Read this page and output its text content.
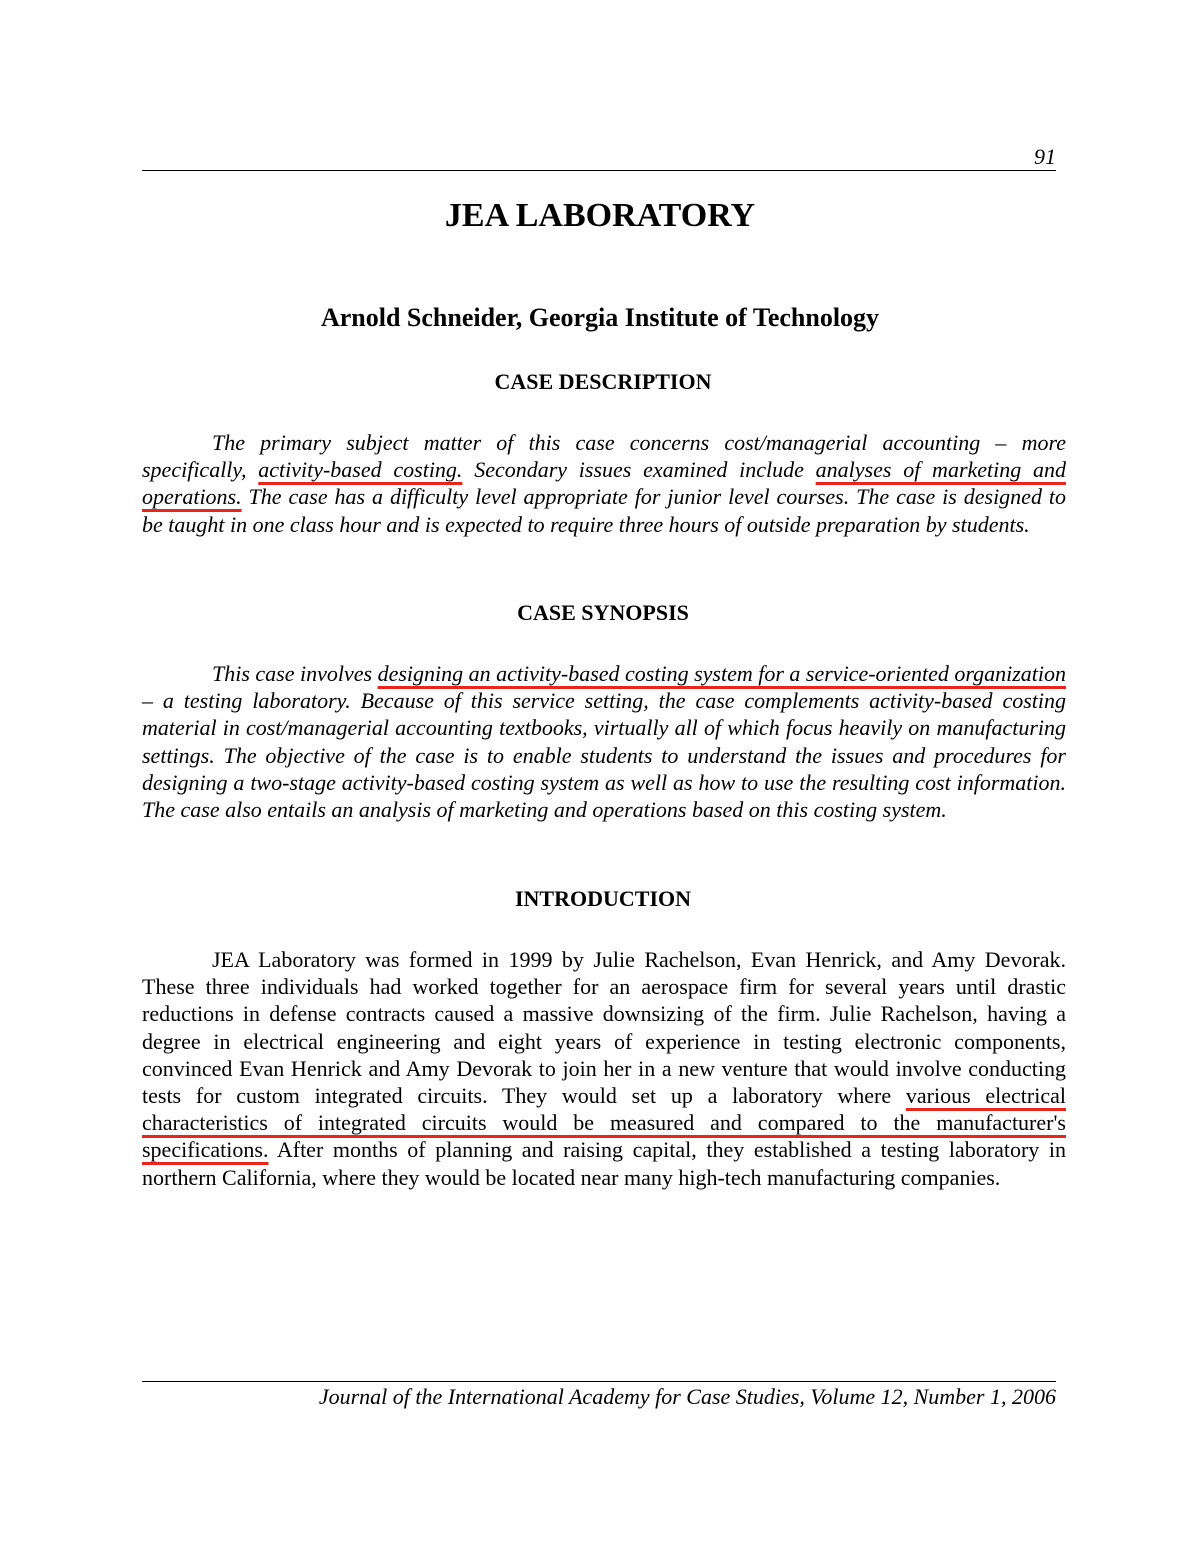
91
JEA LABORATORY
Arnold Schneider, Georgia Institute of Technology
CASE DESCRIPTION

The primary subject matter of this case concerns cost/managerial accounting – more specifically, activity-based costing. Secondary issues examined include analyses of marketing and operations. The case has a difficulty level appropriate for junior level courses. The case is designed to be taught in one class hour and is expected to require three hours of outside preparation by students.

CASE SYNOPSIS

This case involves designing an activity-based costing system for a service-oriented organization – a testing laboratory. Because of this service setting, the case complements activity-based costing material in cost/managerial accounting textbooks, virtually all of which focus heavily on manufacturing settings. The objective of the case is to enable students to understand the issues and procedures for designing a two-stage activity-based costing system as well as how to use the resulting cost information. The case also entails an analysis of marketing and operations based on this costing system.

INTRODUCTION

JEA Laboratory was formed in 1999 by Julie Rachelson, Evan Henrick, and Amy Devorak. These three individuals had worked together for an aerospace firm for several years until drastic reductions in defense contracts caused a massive downsizing of the firm. Julie Rachelson, having a degree in electrical engineering and eight years of experience in testing electronic components, convinced Evan Henrick and Amy Devorak to join her in a new venture that would involve conducting tests for custom integrated circuits. They would set up a laboratory where various electrical characteristics of integrated circuits would be measured and compared to the manufacturer's specifications. After months of planning and raising capital, they established a testing laboratory in northern California, where they would be located near many high-tech manufacturing companies.

Journal of the International Academy for Case Studies, Volume 12, Number 1, 2006
